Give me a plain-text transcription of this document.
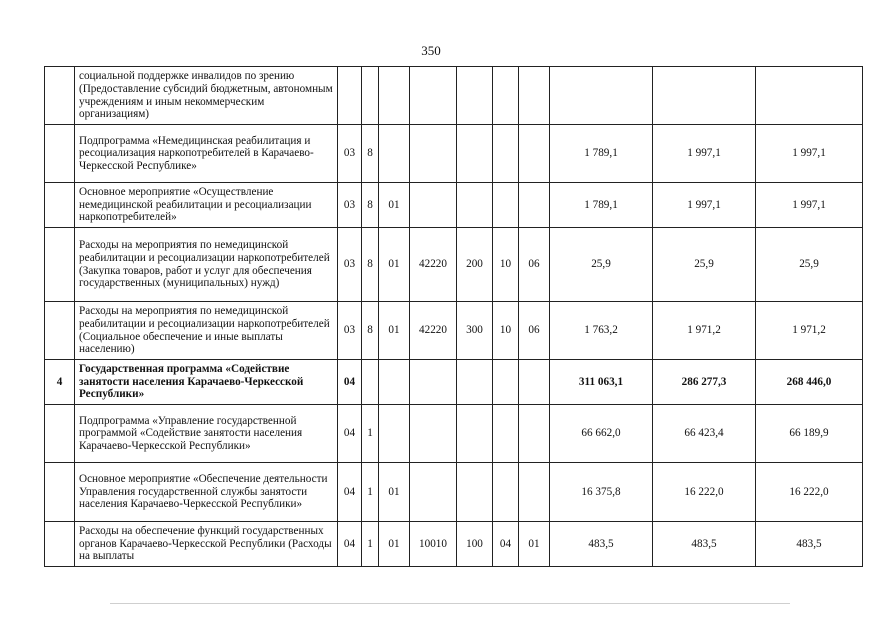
350
	социальной поддержке инвалидов по зрению (Предоставление субсидий бюджетным, автономным учреждениям и иным некоммерческим организациям)										
	Подпрограмма «Немедицинская реабилитация и ресоциализация наркопотребителей в Карачаево-Черкесской Республике»	03	8						1 789,1	1 997,1	1 997,1
	Основное мероприятие «Осуществление немедицинской реабилитации и ресоциализации наркопотребителей»	03	8	01					1 789,1	1 997,1	1 997,1
	Расходы на мероприятия по немедицинской реабилитации и ресоциализации наркопотребителей (Закупка товаров, работ и услуг для обеспечения государственных (муниципальных) нужд)	03	8	01	42220	200	10	06	25,9	25,9	25,9
	Расходы на мероприятия по немедицинской реабилитации и ресоциализации наркопотребителей (Социальное обеспечение и иные выплаты населению)	03	8	01	42220	300	10	06	1 763,2	1 971,2	1 971,2
4	Государственная программа «Содействие занятости населения Карачаево-Черкесской Республики»	04							311 063,1	286 277,3	268 446,0
	Подпрограмма «Управление государственной программой «Содействие занятости населения Карачаево-Черкесской Республики»	04	1						66 662,0	66 423,4	66 189,9
	Основное мероприятие «Обеспечение деятельности Управления государственной службы занятости населения Карачаево-Черкесской Республики»	04	1	01					16 375,8	16 222,0	16 222,0
	Расходы на обеспечение функций государственных органов Карачаево-Черкесской Республики (Расходы на выплаты	04	1	01	10010	100	04	01	483,5	483,5	483,5
